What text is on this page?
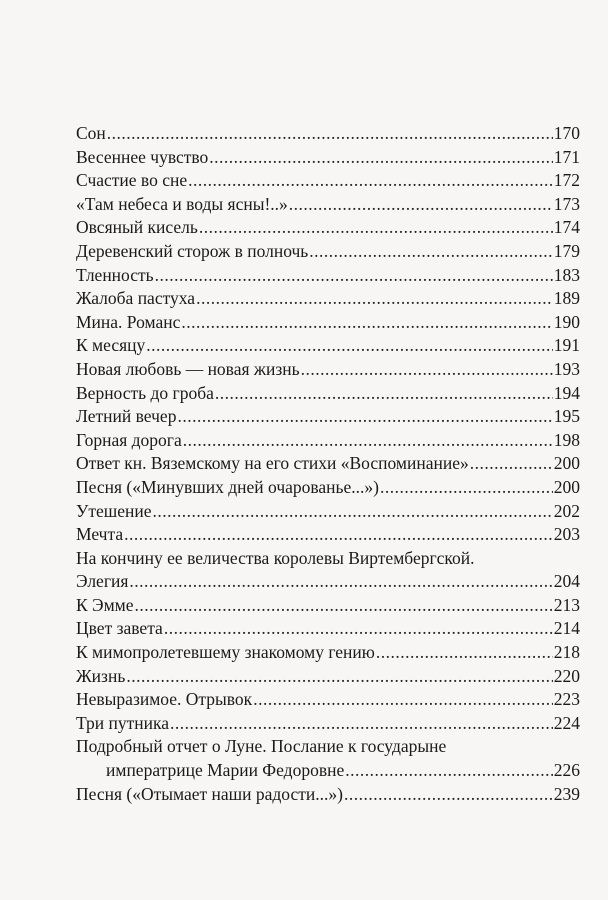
Сон .....	170
Весеннее чувство .....	171
Счастие во сне .....	172
«Там небеса и воды ясны!..» .....	173
Овсяный кисель .....	174
Деревенский сторож в полночь .....	179
Тленность .....	183
Жалоба пастуха .....	189
Мина. Романс .....	190
К месяцу .....	191
Новая любовь — новая жизнь .....	193
Верность до гроба .....	194
Летний вечер .....	195
Горная дорога .....	198
Ответ кн. Вяземскому на его стихи «Воспоминание» .....	200
Песня («Минувших дней очарованье...») .....	200
Утешение .....	202
Мечта .....	203
На кончину ее величества королевы Виртембергской.
Элегия .....	204
К Эмме .....	213
Цвет завета .....	214
К мимопролетевшему знакомому гению .....	218
Жизнь .....	220
Невыразимое. Отрывок .....	223
Три путника .....	224
Подробный отчет о Луне. Послание к государыне
императрице Марии Федоровне .....	226
Песня («Отымает наши радости...») .....	239
